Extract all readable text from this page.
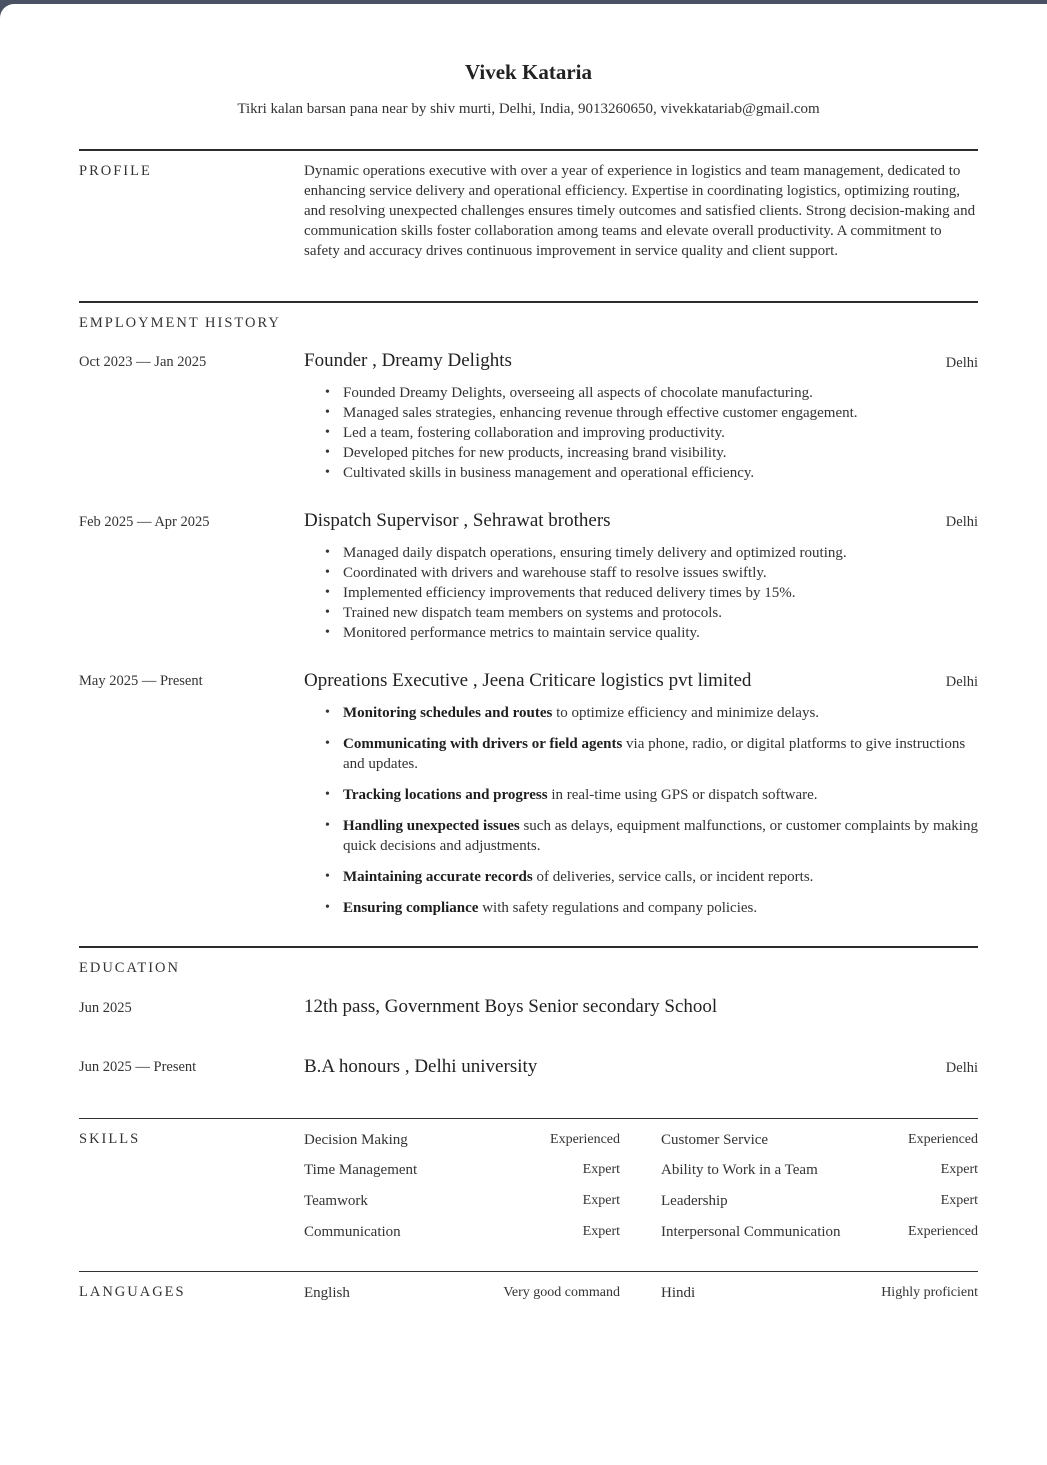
Vivek Kataria
Tikri kalan barsan pana near by shiv murti, Delhi, India, 9013260650, vivekkatariab@gmail.com
PROFILE	Dynamic operations executive with over a year of experience in logistics and team management, dedicated to enhancing service delivery and operational efficiency. Expertise in coordinating logistics, optimizing routing, and resolving unexpected challenges ensures timely outcomes and satisfied clients. Strong decision-making and communication skills foster collaboration among teams and elevate overall productivity. A commitment to safety and accuracy drives continuous improvement in service quality and client support.

EMPLOYMENT HISTORY
Oct 2023 — Jan 2025	Founder , Dreamy Delights	Delhi
• Founded Dreamy Delights, overseeing all aspects of chocolate manufacturing.
• Managed sales strategies, enhancing revenue through effective customer engagement.
• Led a team, fostering collaboration and improving productivity.
• Developed pitches for new products, increasing brand visibility.
• Cultivated skills in business management and operational efficiency.
Feb 2025 — Apr 2025	Dispatch Supervisor , Sehrawat brothers	Delhi
• Managed daily dispatch operations, ensuring timely delivery and optimized routing.
• Coordinated with drivers and warehouse staff to resolve issues swiftly.
• Implemented efficiency improvements that reduced delivery times by 15%.
• Trained new dispatch team members on systems and protocols.
• Monitored performance metrics to maintain service quality.
May 2025 — Present	Opreations Executive , Jeena Criticare logistics pvt limited	Delhi
• Monitoring schedules and routes to optimize efficiency and minimize delays.
• Communicating with drivers or field agents via phone, radio, or digital platforms to give instructions and updates.
• Tracking locations and progress in real-time using GPS or dispatch software.
• Handling unexpected issues such as delays, equipment malfunctions, or customer complaints by making quick decisions and adjustments.
• Maintaining accurate records of deliveries, service calls, or incident reports.
• Ensuring compliance with safety regulations and company policies.
EDUCATION
Jun 2025	12th pass, Government Boys Senior secondary School
Jun 2025 — Present	B.A honours , Delhi university	Delhi
SKILLS	Decision Making	Experienced	Customer Service	Experienced
Time Management	Expert	Ability to Work in a Team	Expert
Teamwork	Expert	Leadership	Expert
Communication	Expert	Interpersonal Communication	Experienced
LANGUAGES	English	Very good command	Hindi	Highly proficient
